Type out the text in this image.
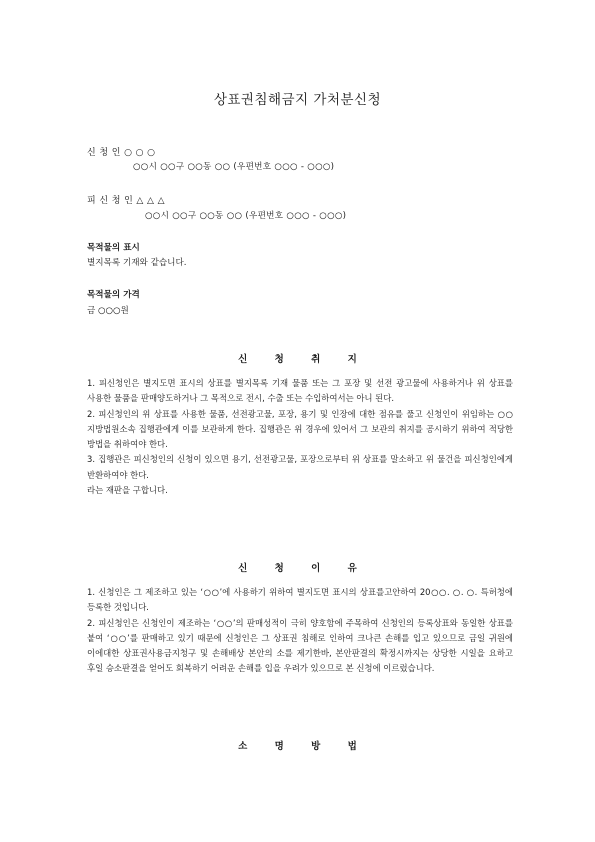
상표권침해금지 가처분신청
신 청 인 ○ ○ ○
○○시 ○○구 ○○동 ○○ (우편번호 ○○○ - ○○○)
피 신 청 인 △ △ △
○○시 ○○구 ○○동 ○○ (우편번호 ○○○ - ○○○)
목적물의 표시
별지목록 기재와 같습니다.
목적물의 가격
금 ○○○원
신 청 취 지

1. 피신청인은 별지도면 표시의 상표를 별지목록 기재 물품 또는 그 포장 및 선전 광고물에 사용하거나 위 상표를 사용한 물품을 판매양도하거나 그 목적으로 전시, 수출 또는 수입하여서는 아니 된다.

2. 피신청인의 위 상표를 사용한 물품, 선전광고물, 포장, 용기 및 인장에 대한 점유를 풀고 신청인이 위임하는 ○○지방법원소속 집행관에게 이를 보관하게 한다. 집행관은 위 경우에 있어서 그 보관의 취지를 공시하기 위하여 적당한 방법을 취하여야 한다.

3. 집행관은 피신청인의 신청이 있으면 용기, 선전광고물, 포장으로부터 위 상표를 말소하고 위 물건을 피신청인에게 반환하여야 한다.

라는 재판을 구합니다.

신 청 이 유

1. 신청인은 그 제조하고 있는 ‘○○’에 사용하기 위하여 별지도면 표시의 상표를고안하여 20○○. ○. ○. 특허청에 등록한 것입니다.

2. 피신청인은 신청인이 제조하는 ‘○○’의 판매성적이 극히 양호함에 주목하여 신청인의 등록상표와 동일한 상표를 붙여 ‘○○’를 판매하고 있기 때문에 신청인은 그 상표권 침해로 인하여 크나큰 손해를 입고 있으므로 금일 귀원에 이에대한 상표권사용금지청구 및 손해배상 본안의 소를 제기한바, 본안판결의 확정시까지는 상당한 시일을 요하고 후일 승소판결을 얻어도 회복하기 어려운 손해를 입을 우려가 있으므로 본 신청에 이르렀습니다.

소 명 방 법
